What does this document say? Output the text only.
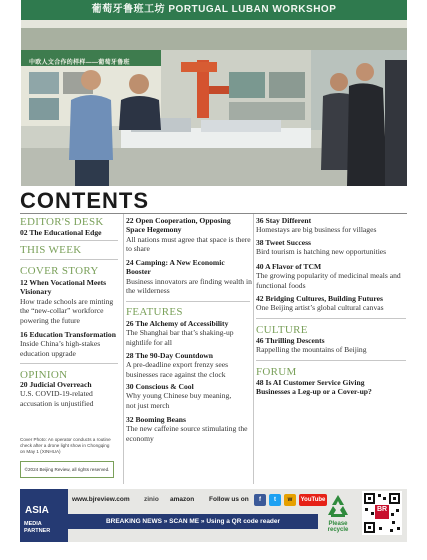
葡萄牙鲁班工坊 PORTUGAL LUBAN WORKSHOP
中欧人文合作的样样——葡萄牙鲁班
CONTENTS
EDITOR'S DESK
02 The Educational Edge
THIS WEEK
COVER STORY
12 When Vocational Meets
Visionary
How trade schools are minting
the “new-collar” workforce
powering the future
16 Education Transformation
Inside China’s high-stakes
education upgrade
OPINION
20 Judicial Overreach
U.S. COVID-19-related
accusation is unjustified
Cover Photo: An operator conducts a routine
check after a drone light show in Chongqing
on May 1 (XINHUA)
©2024 Beijing Review, all rights reserved.
22 Open Cooperation, Opposing
Space Hegemony
All nations must agree that space is there
to share
24 Camping: A New Economic
Booster
Business innovators are finding wealth in
the wilderness
FEATURES
26 The Alchemy of Accessibility
The Shanghai bar that’s shaking-up
nightlife for all
28 The 90-Day Countdown
A pre-deadline export frenzy sees
businesses race against the clock
30 Conscious & Cool
Why young Chinese buy meaning,
not just merch
32 Booming Beans
The new caffeine source stimulating the
economy
36 Stay Different
Homestays are big business for villages
38 Tweet Success
Bird tourism is hatching new opportunities
40 A Flavor of TCM
The growing popularity of medicinal meals and
functional foods
42 Bridging Cultures, Building Futures
One Beijing artist’s global cultural canvas
CULTURE
46 Thrilling Descents
Rappelling the mountains of Beijing
FORUM
48 Is AI Customer Service Giving
Businesses a Leg-up or a Cover-up?
ASIA
MEDIA PARTNER
www.bjreview.com zinio amazon Follow us on	f	t	w	YouTube
BREAKING NEWS » SCAN ME » Using a QR code reader	Please recycle
BR
